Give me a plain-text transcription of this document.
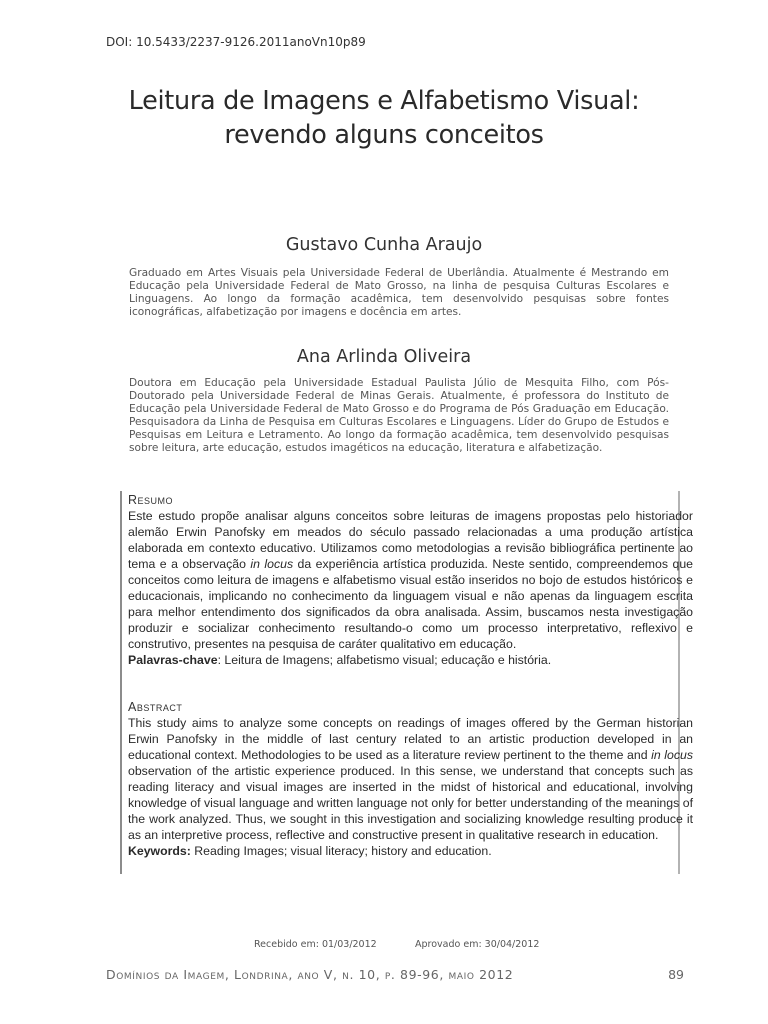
DOI: 10.5433/2237-9126.2011anoVn10p89
Leitura de Imagens e Alfabetismo Visual:
revendo alguns conceitos
Gustavo Cunha Araujo
Graduado em Artes Visuais pela Universidade Federal de Uberlândia. Atualmente é Mestrando em Educação pela Universidade Federal de Mato Grosso, na linha de pesquisa Culturas Escolares e Linguagens. Ao longo da formação acadêmica, tem desenvolvido pesquisas sobre fontes iconográficas, alfabetização por imagens e docência em artes.
Ana Arlinda Oliveira
Doutora em Educação pela Universidade Estadual Paulista Júlio de Mesquita Filho, com Pós-Doutorado pela Universidade Federal de Minas Gerais. Atualmente, é professora do Instituto de Educação pela Universidade Federal de Mato Grosso e do Programa de Pós Graduação em Educação. Pesquisadora da Linha de Pesquisa em Culturas Escolares e Linguagens. Líder do Grupo de Estudos e Pesquisas em Leitura e Letramento. Ao longo da formação acadêmica, tem desenvolvido pesquisas sobre leitura, arte educação, estudos imagéticos na educação, literatura e alfabetização.
Resumo
Este estudo propõe analisar alguns conceitos sobre leituras de imagens propostas pelo historiador alemão Erwin Panofsky em meados do século passado relacionadas a uma produção artística elaborada em contexto educativo. Utilizamos como metodologias a revisão bibliográfica pertinente ao tema e a observação in locus da experiência artística produzida. Neste sentido, compreendemos que conceitos como leitura de imagens e alfabetismo visual estão inseridos no bojo de estudos históricos e educacionais, implicando no conhecimento da linguagem visual e não apenas da linguagem escrita para melhor entendimento dos significados da obra analisada. Assim, buscamos nesta investigação produzir e socializar conhecimento resultando-o como um processo interpretativo, reflexivo e construtivo, presentes na pesquisa de caráter qualitativo em educação.
Palavras-chave: Leitura de Imagens; alfabetismo visual; educação e história.
Abstract
This study aims to analyze some concepts on readings of images offered by the German historian Erwin Panofsky in the middle of last century related to an artistic production developed in an educational context. Methodologies to be used as a literature review pertinent to the theme and in locus observation of the artistic experience produced. In this sense, we understand that concepts such as reading literacy and visual images are inserted in the midst of historical and educational, involving knowledge of visual language and written language not only for better understanding of the meanings of the work analyzed. Thus, we sought in this investigation and socializing knowledge resulting produce it as an interpretive process, reflective and constructive present in qualitative research in education.
Keywords: Reading Images; visual literacy; history and education.
Recebido em: 01/03/2012	Aprovado em: 30/04/2012
Domínios da Imagem, Londrina, ano V, n. 10, p. 89-96, maio 2012	89
